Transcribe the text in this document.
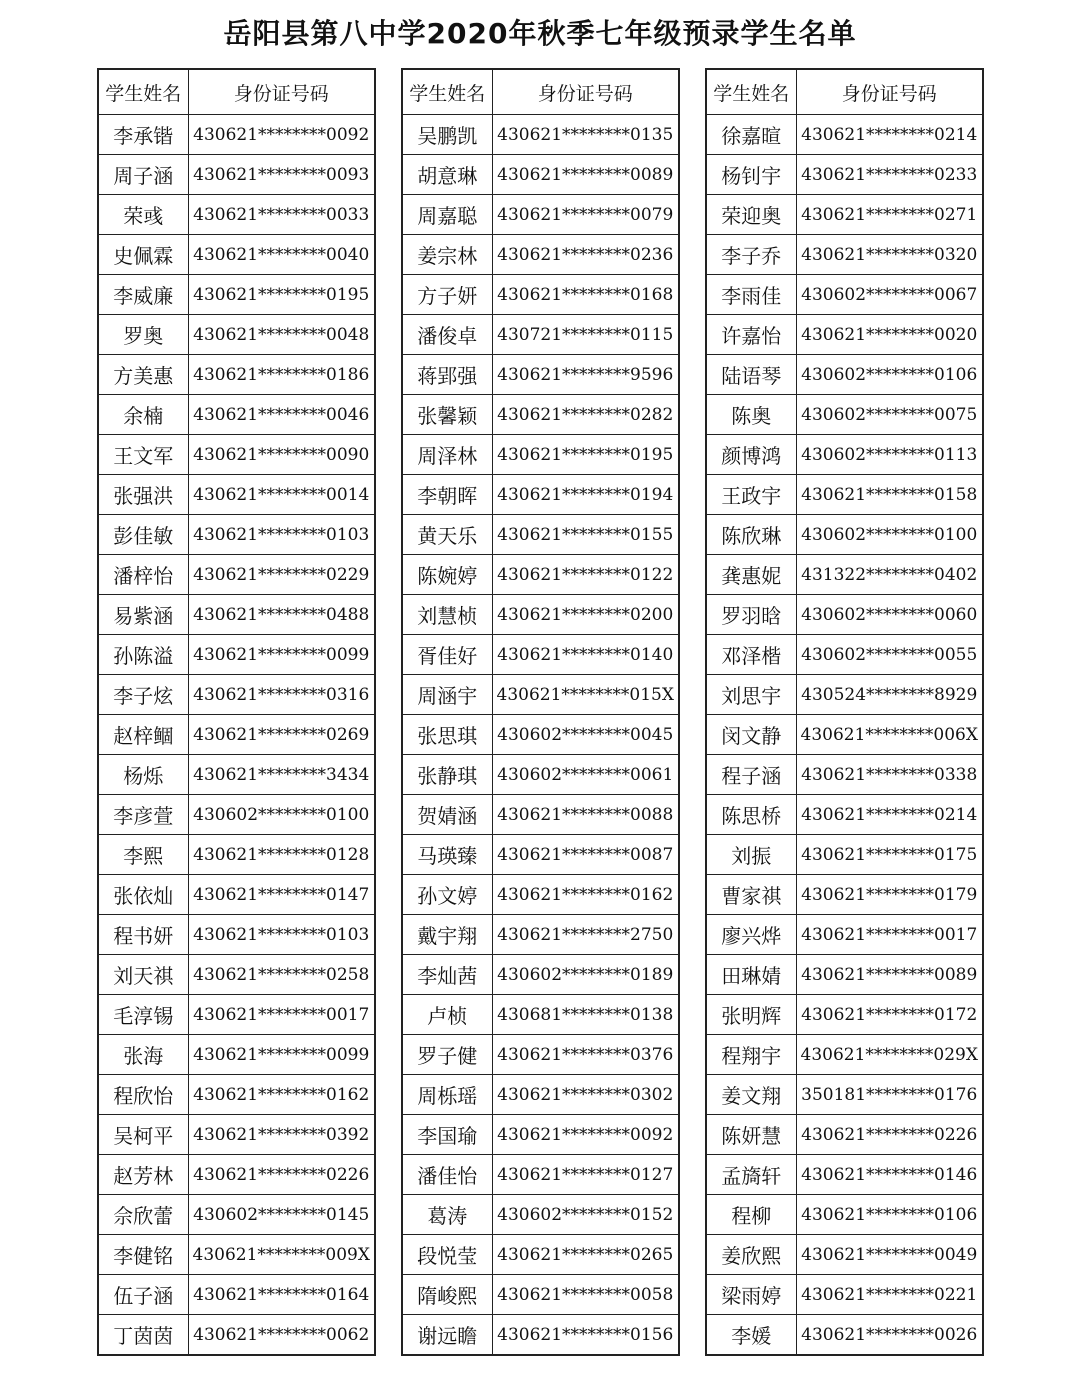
岳阳县第八中学2020年秋季七年级预录学生名单
学生姓名	身份证号码
李承锴	430621********0092
周子涵	430621********0093
荣彧	430621********0033
史佩霖	430621********0040
李威廉	430621********0195
罗奥	430621********0048
方美惠	430621********0186
余楠	430621********0046
王文军	430621********0090
张强洪	430621********0014
彭佳敏	430621********0103
潘梓怡	430621********0229
易紫涵	430621********0488
孙陈溢	430621********0099
李子炫	430621********0316
赵梓鲴	430621********0269
杨烁	430621********3434
李彦萱	430602********0100
李熙	430621********0128
张依灿	430621********0147
程书妍	430621********0103
刘天祺	430621********0258
毛淳锡	430621********0017
张海	430621********0099
程欣怡	430621********0162
吴柯平	430621********0392
赵芳林	430621********0226
佘欣蕾	430602********0145
李健铭	430621********009X
伍子涵	430621********0164
丁茵茵	430621********0062
学生姓名	身份证号码
吴鹏凯	430621********0135
胡意琳	430621********0089
周嘉聪	430621********0079
姜宗林	430621********0236
方子妍	430621********0168
潘俊卓	430721********0115
蒋郢强	430621********9596
张馨颖	430621********0282
周泽林	430621********0195
李朝晖	430621********0194
黄天乐	430621********0155
陈婉婷	430621********0122
刘慧桢	430621********0200
胥佳好	430621********0140
周涵宇	430621********015X
张思琪	430602********0045
张静琪	430602********0061
贺婧涵	430621********0088
马瑛臻	430621********0087
孙文婷	430621********0162
戴宇翔	430621********2750
李灿茜	430602********0189
卢桢	430681********0138
罗子健	430621********0376
周栎瑶	430621********0302
李国瑜	430621********0092
潘佳怡	430621********0127
葛涛	430602********0152
段悦莹	430621********0265
隋峻熙	430621********0058
谢远瞻	430621********0156
学生姓名	身份证号码
徐嘉暄	430621********0214
杨钊宇	430621********0233
荣迎奥	430621********0271
李子乔	430621********0320
李雨佳	430602********0067
许嘉怡	430621********0020
陆语琴	430602********0106
陈奥	430602********0075
颜博鸿	430602********0113
王政宇	430621********0158
陈欣琳	430602********0100
龚惠妮	431322********0402
罗羽晗	430602********0060
邓泽楷	430602********0055
刘思宇	430524********8929
闵文静	430621********006X
程子涵	430621********0338
陈思桥	430621********0214
刘振	430621********0175
曹家祺	430621********0179
廖兴烨	430621********0017
田琳婧	430621********0089
张明辉	430621********0172
程翔宇	430621********029X
姜文翔	350181********0176
陈妍慧	430621********0226
孟旖轩	430621********0146
程柳	430621********0106
姜欣熙	430621********0049
梁雨婷	430621********0221
李媛	430621********0026
